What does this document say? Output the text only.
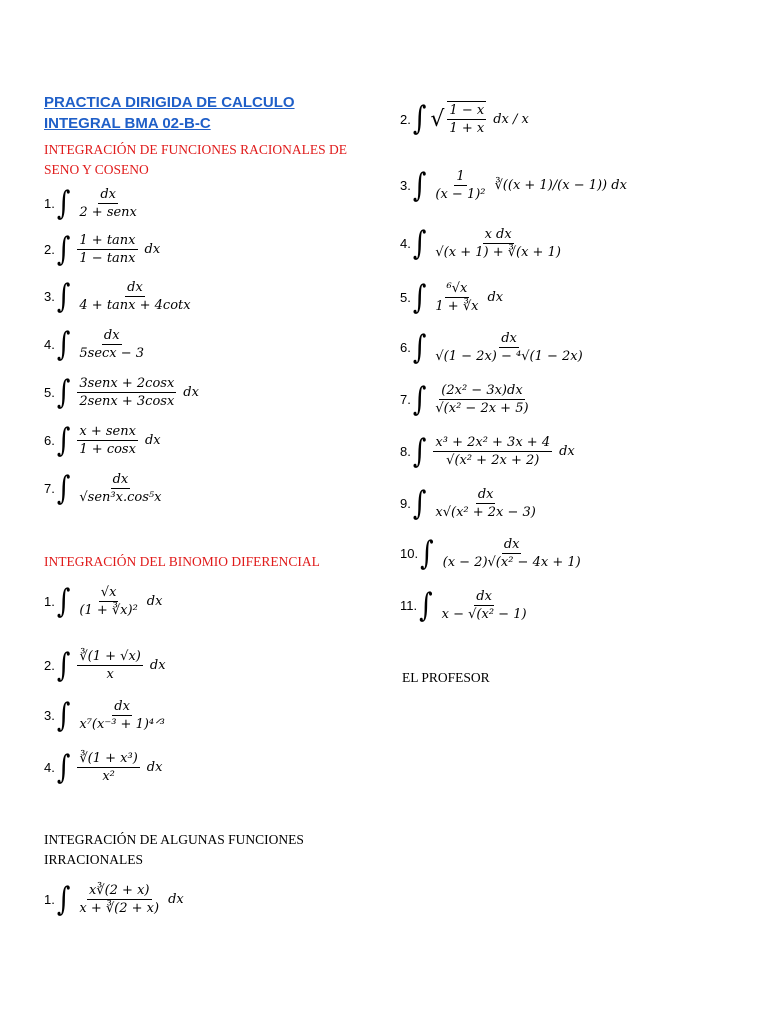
PRACTICA DIRIGIDA DE CALCULO INTEGRAL BMA 02-B-C
INTEGRACIÓN DE FUNCIONES RACIONALES DE SENO Y COSENO
1. ∫ $\frac{dx}{\text{2 + senx}}$
2. ∫ $\frac{1 + \tan x}{1 - \tan x}$ dx
3. ∫ $\frac{dx}{4 + \tan x + 4\cot x}$
4. ∫ $\frac{dx}{5\sec x - 3}$
5. ∫ $\frac{\text{3senx + 2cosx}}{\text{2senx + 3cosx}}$ dx
6. ∫ $\frac{\text{x + senx}}{1 + \cos x}$ dx
7. ∫ $\frac{dx}{\text{√sen³x.cos⁵x}}$
INTEGRACIÓN DEL BINOMIO DIFERENCIAL
1. ∫ $\frac{√x}{\text{(1 + ∛x)²}}$ dx
2. ∫ $\frac{∛(1 + √x)}{x}$ dx
3. ∫ $\frac{dx}{\text{x⁷(x⁻³ + 1)⁴ᐟ³}}$
4. ∫ $\frac{\text{∛(1 + x³)}}{\text{x²}}$ dx
INTEGRACIÓN DE ALGUNAS FUNCIONES IRRACIONALES
1. ∫ $\frac{x∛(2 + x)}{x + ∛(2 + x)}$ dx
2. ∫ √ $\frac{1 - x}{1 + x}$ dx / x
3. ∫ $\frac{1}{\text{(x − 1)²}}$ ∛((x + 1)/(x − 1)) dx
4. ∫ $\frac{\text{x dx}}{√(x + 1) + ∛(x + 1)}$
5. ∫ $\frac{\text{⁶√x}}{1 + ∛x}$ dx
6. ∫ $\frac{dx}{\text{√(1 − 2x) − ⁴√(1 − 2x)}}$
7. ∫ $\frac{\text{(2x² − 3x)dx}}{\text{√(x² − 2x + 5)}}$
8. ∫ $\frac{\text{x³ + 2x² + 3x + 4}}{\text{√(x² + 2x + 2)}}$ dx
9. ∫ $\frac{dx}{\text{x√(x² + 2x − 3)}}$
10. ∫ $\frac{dx}{\text{(x − 2)√(x² − 4x + 1)}}$
11. ∫ $\frac{dx}{\text{x − √(x² − 1)}}$
EL PROFESOR
